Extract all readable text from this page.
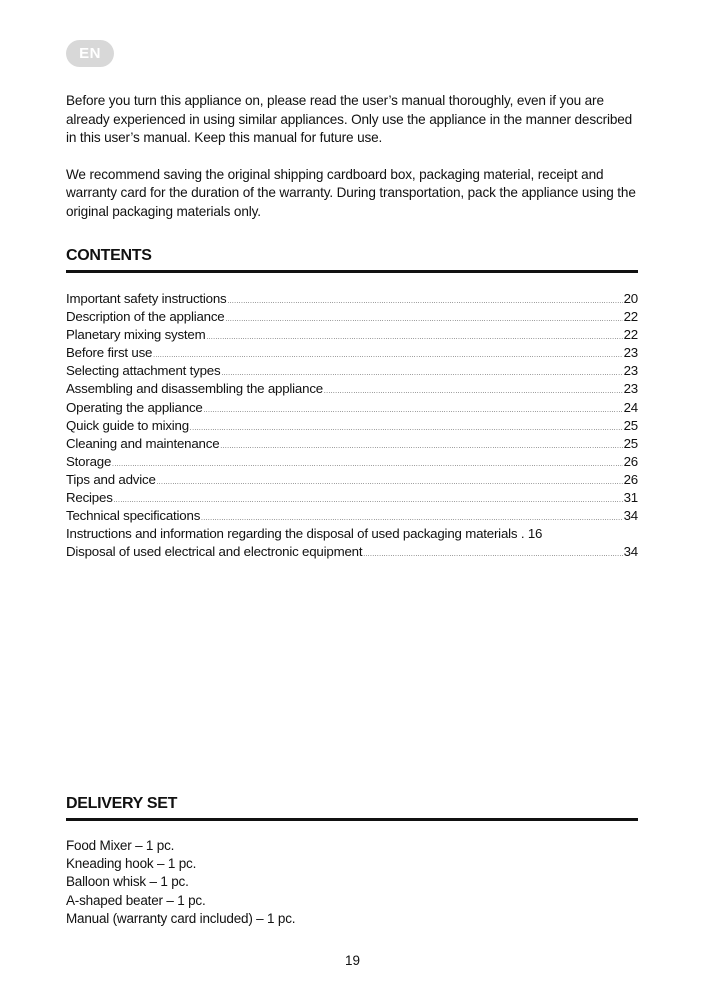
EN

Before you turn this appliance on, please read the user’s manual thoroughly, even if you are already experienced in using similar appliances. Only use the appliance in the manner described in this user’s manual. Keep this manual for future use.

We recommend saving the original shipping cardboard box, packaging material, receipt and warranty card for the duration of the warranty. During transportation, pack the appliance using the original packaging materials only.

CONTENTS
Important safety instructions .....	20
Description of the appliance .....	22
Planetary mixing system .....	22
Before first use .....	23
Selecting attachment types .....	23
Assembling and disassembling the appliance .....	23
Operating the appliance .....	24
Quick guide to mixing .....	25
Cleaning and maintenance .....	25
Storage .....	26
Tips and advice .....	26
Recipes .....	31
Technical specifications .....	34
Instructions and information regarding the disposal of used packaging materials . 16
Disposal of used electrical and electronic equipment .....	34
DELIVERY SET
Food Mixer – 1 pc.
Kneading hook – 1 pc.
Balloon whisk – 1 pc.
A-shaped beater – 1 pc.
Manual (warranty card included) – 1 pc.
19
